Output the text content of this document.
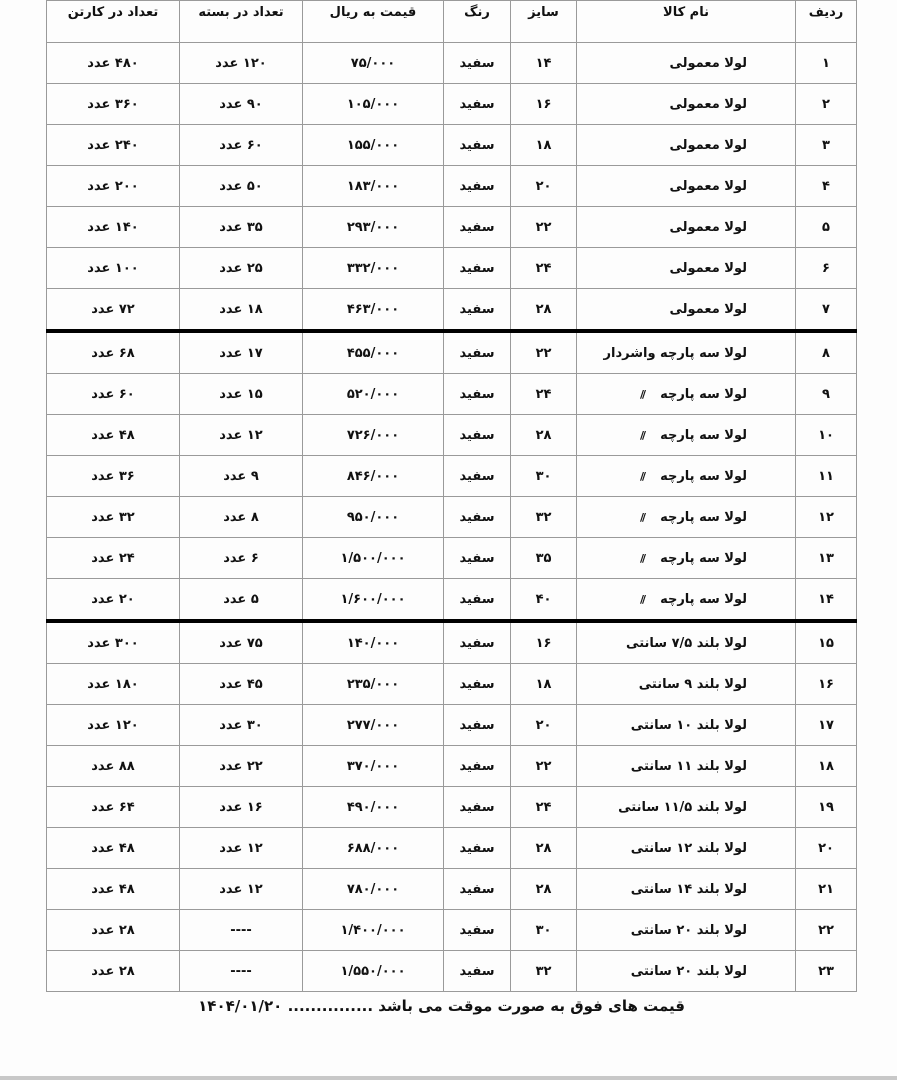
ردیف	نام کالا	سایز	رنگ	قیمت به ریال	تعداد در بسته	تعداد در کارتن
۱	لولا معمولی	۱۴	سفید	۷۵/۰۰۰	۱۲۰ عدد	۴۸۰ عدد
۲	لولا معمولی	۱۶	سفید	۱۰۵/۰۰۰	۹۰ عدد	۳۶۰ عدد
۳	لولا معمولی	۱۸	سفید	۱۵۵/۰۰۰	۶۰ عدد	۲۴۰ عدد
۴	لولا معمولی	۲۰	سفید	۱۸۳/۰۰۰	۵۰ عدد	۲۰۰ عدد
۵	لولا معمولی	۲۲	سفید	۲۹۳/۰۰۰	۳۵ عدد	۱۴۰ عدد
۶	لولا معمولی	۲۴	سفید	۳۳۲/۰۰۰	۲۵ عدد	۱۰۰ عدد
۷	لولا معمولی	۲۸	سفید	۴۶۳/۰۰۰	۱۸ عدد	۷۲ عدد
۸	لولا سه پارچه واشردار	۲۲	سفید	۴۵۵/۰۰۰	۱۷ عدد	۶۸ عدد
۹	لولا سه پارچه//	۲۴	سفید	۵۲۰/۰۰۰	۱۵ عدد	۶۰ عدد
۱۰	لولا سه پارچه//	۲۸	سفید	۷۲۶/۰۰۰	۱۲ عدد	۴۸ عدد
۱۱	لولا سه پارچه//	۳۰	سفید	۸۴۶/۰۰۰	۹ عدد	۳۶ عدد
۱۲	لولا سه پارچه//	۳۲	سفید	۹۵۰/۰۰۰	۸ عدد	۳۲ عدد
۱۳	لولا سه پارچه//	۳۵	سفید	۱/۵۰۰/۰۰۰	۶ عدد	۲۴ عدد
۱۴	لولا سه پارچه//	۴۰	سفید	۱/۶۰۰/۰۰۰	۵ عدد	۲۰ عدد
۱۵	لولا بلند ۷/۵ سانتی	۱۶	سفید	۱۴۰/۰۰۰	۷۵ عدد	۳۰۰ عدد
۱۶	لولا بلند ۹ سانتی	۱۸	سفید	۲۳۵/۰۰۰	۴۵ عدد	۱۸۰ عدد
۱۷	لولا بلند ۱۰ سانتی	۲۰	سفید	۲۷۷/۰۰۰	۳۰ عدد	۱۲۰ عدد
۱۸	لولا بلند ۱۱ سانتی	۲۲	سفید	۳۷۰/۰۰۰	۲۲ عدد	۸۸ عدد
۱۹	لولا بلند ۱۱/۵ سانتی	۲۴	سفید	۴۹۰/۰۰۰	۱۶ عدد	۶۴ عدد
۲۰	لولا بلند ۱۲ سانتی	۲۸	سفید	۶۸۸/۰۰۰	۱۲ عدد	۴۸ عدد
۲۱	لولا بلند ۱۴ سانتی	۲۸	سفید	۷۸۰/۰۰۰	۱۲ عدد	۴۸ عدد
۲۲	لولا بلند ۲۰ سانتی	۳۰	سفید	۱/۴۰۰/۰۰۰	----	۲۸ عدد
۲۳	لولا بلند ۲۰ سانتی	۳۲	سفید	۱/۵۵۰/۰۰۰	----	۲۸ عدد
قیمت های فوق به صورت موقت می باشد ............... ۱۴۰۴/۰۱/۲۰
